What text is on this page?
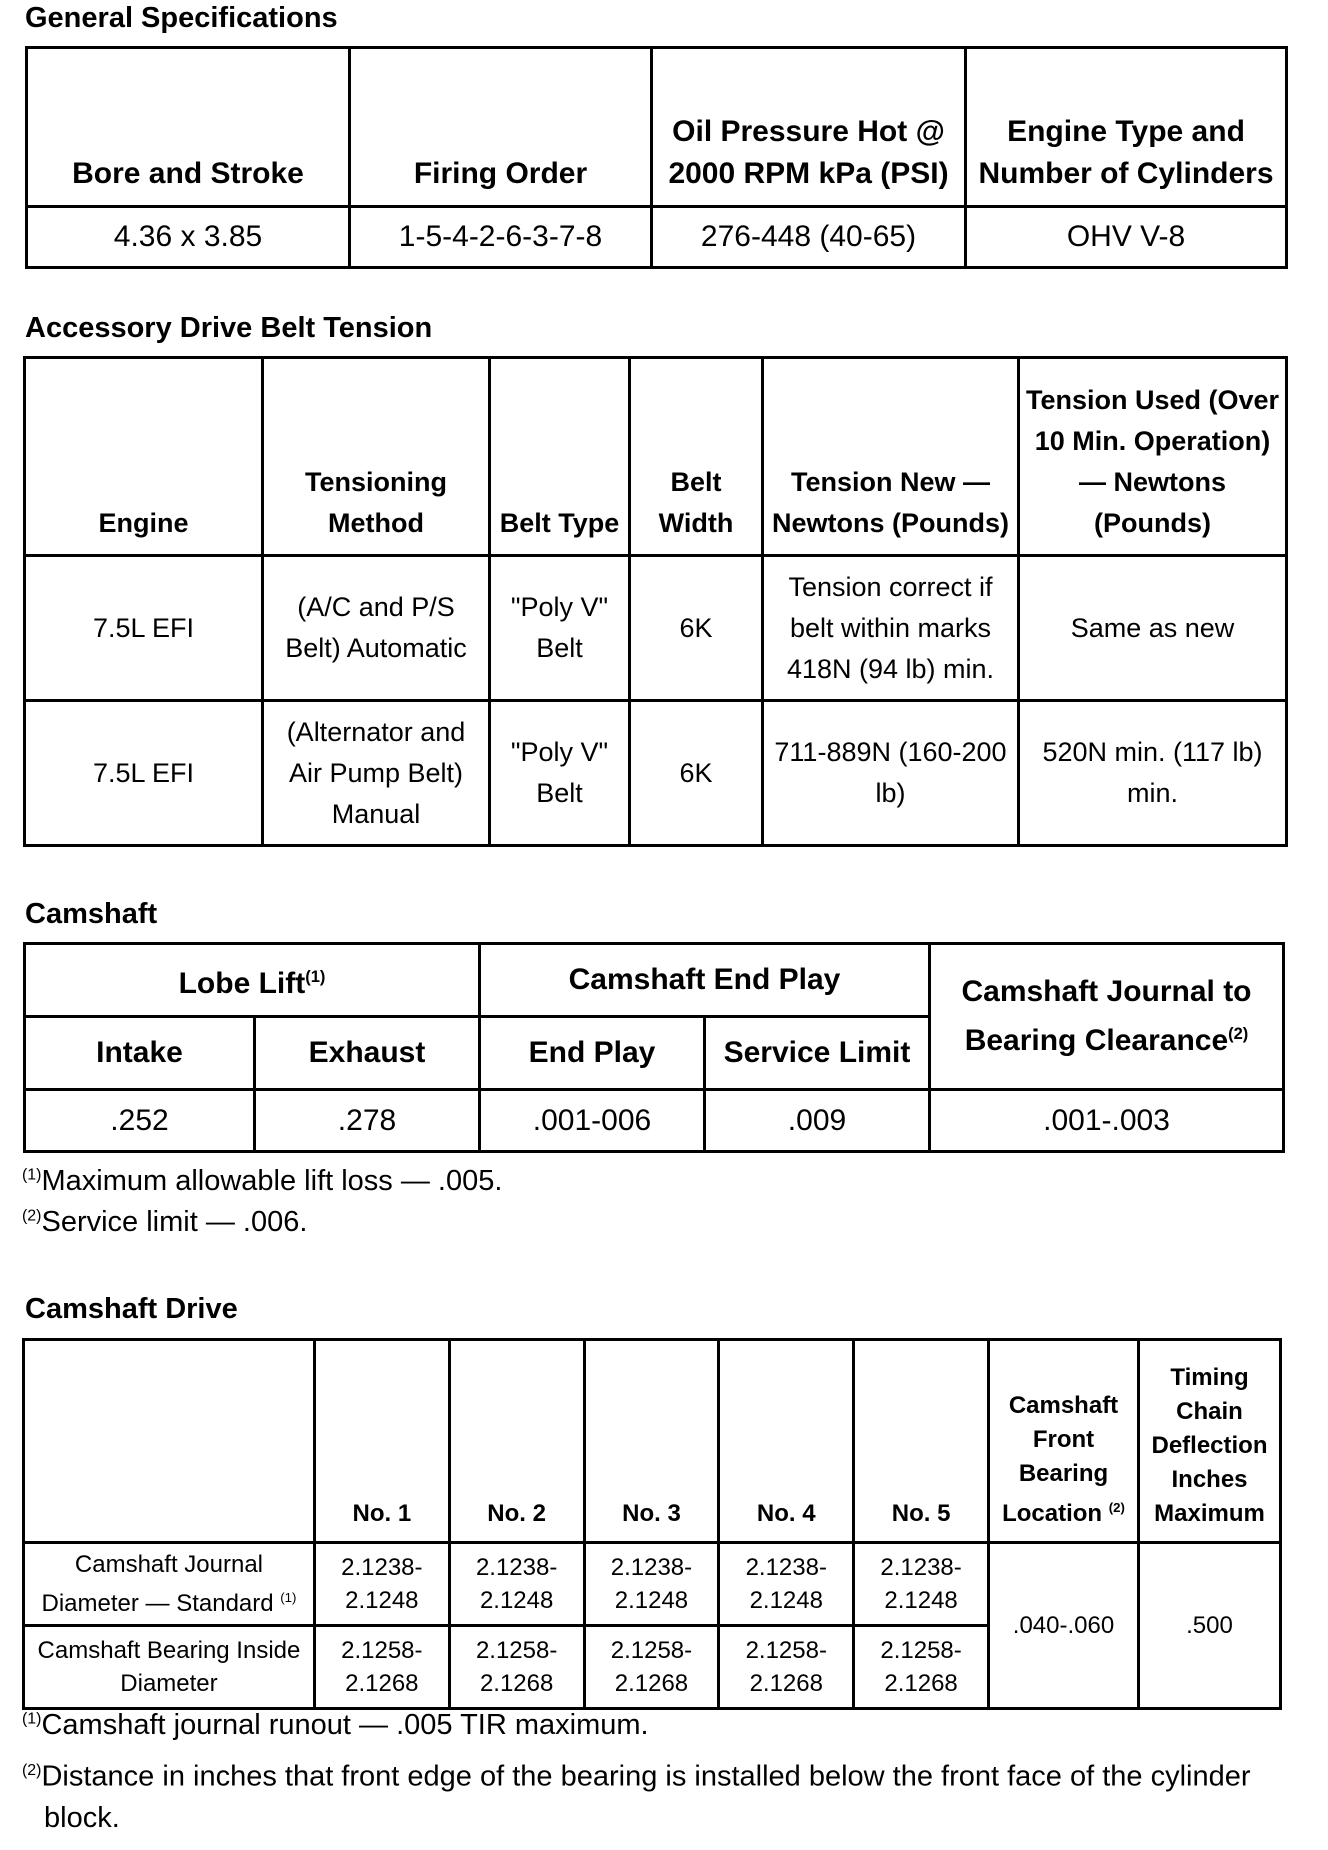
General Specifications
Bore and Stroke	Firing Order	Oil Pressure Hot @ 2000 RPM kPa (PSI)	Engine Type and Number of Cylinders
4.36 x 3.85	1-5-4-2-6-3-7-8	276-448 (40-65)	OHV V-8
Accessory Drive Belt Tension
Engine	Tensioning Method	Belt Type	Belt Width	Tension New — Newtons (Pounds)	Tension Used (Over 10 Min. Operation) — Newtons (Pounds)
7.5L EFI	(A/C and P/S Belt) Automatic	"Poly V" Belt	6K	Tension correct if belt within marks 418N (94 lb) min.	Same as new
7.5L EFI	(Alternator and Air Pump Belt) Manual	"Poly V" Belt	6K	711-889N (160-200 lb)	520N min. (117 lb) min.
Camshaft
Lobe Lift$^{(1)}$		Camshaft End Play		Camshaft Journal to Bearing Clearance$^{(2)}$
Intake	Exhaust	End Play	Service Limit	
.252	.278	.001-006	.009	.001-.003
$^{(1)}$Maximum allowable lift loss — .005.
$^{(2)}$Service limit — .006.
Camshaft Drive
	No. 1	No. 2	No. 3	No. 4	No. 5	Camshaft Front Bearing Location $^{(2)}$	Timing Chain Deflection Inches Maximum
Camshaft Journal Diameter — Standard $^{(1)}$	2.1238-2.1248	2.1238-2.1248	2.1238-2.1248	2.1238-2.1248	2.1238-2.1248	.040-.060	.500
Camshaft Bearing Inside Diameter	2.1258-2.1268	2.1258-2.1268	2.1258-2.1268	2.1258-2.1268	2.1258-2.1268		
$^{(1)}$Camshaft journal runout — .005 TIR maximum.
$^{(2)}$Distance in inches that front edge of the bearing is installed below the front face of the cylinder block.
